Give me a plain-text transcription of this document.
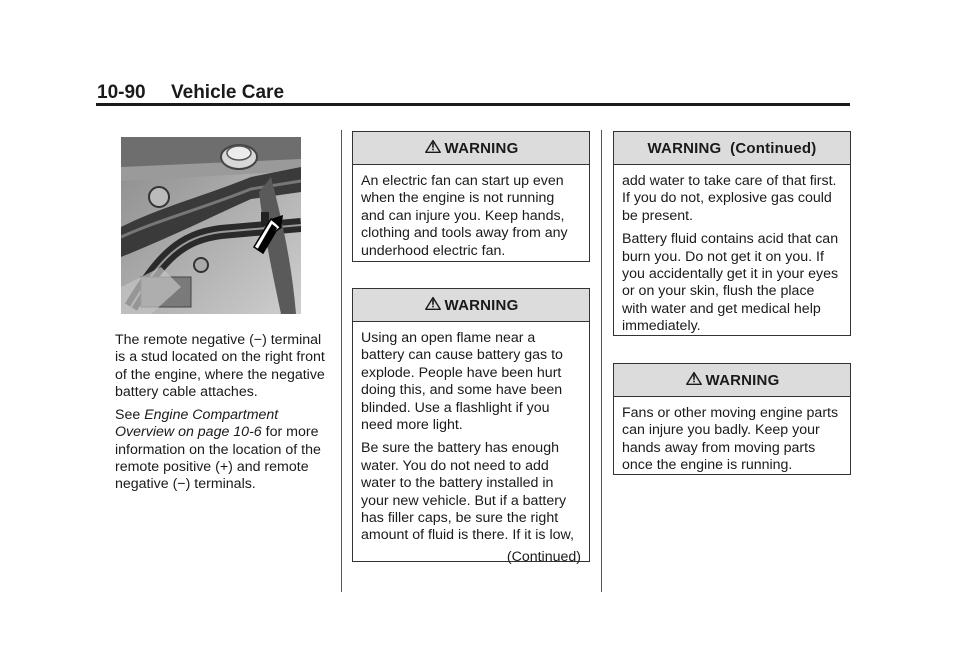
10-90 Vehicle Care

The remote negative (−) terminal is a stud located on the right front of the engine, where the negative battery cable attaches.

See Engine Compartment Overview on page 10-6 for more information on the location of the remote positive (+) and remote negative (−) terminals.

WARNING

An electric fan can start up even when the engine is not running and can injure you. Keep hands, clothing and tools away from any underhood electric fan.

WARNING

Using an open flame near a battery can cause battery gas to explode. People have been hurt doing this, and some have been blinded. Use a flashlight if you need more light.

Be sure the battery has enough water. You do not need to add water to the battery installed in your new vehicle. But if a battery has filler caps, be sure the right amount of fluid is there. If it is low,

(Continued)
WARNING  (Continued)

add water to take care of that first. If you do not, explosive gas could be present.

Battery fluid contains acid that can burn you. Do not get it on you. If you accidentally get it in your eyes or on your skin, flush the place with water and get medical help immediately.

WARNING

Fans or other moving engine parts can injure you badly. Keep your hands away from moving parts once the engine is running.
